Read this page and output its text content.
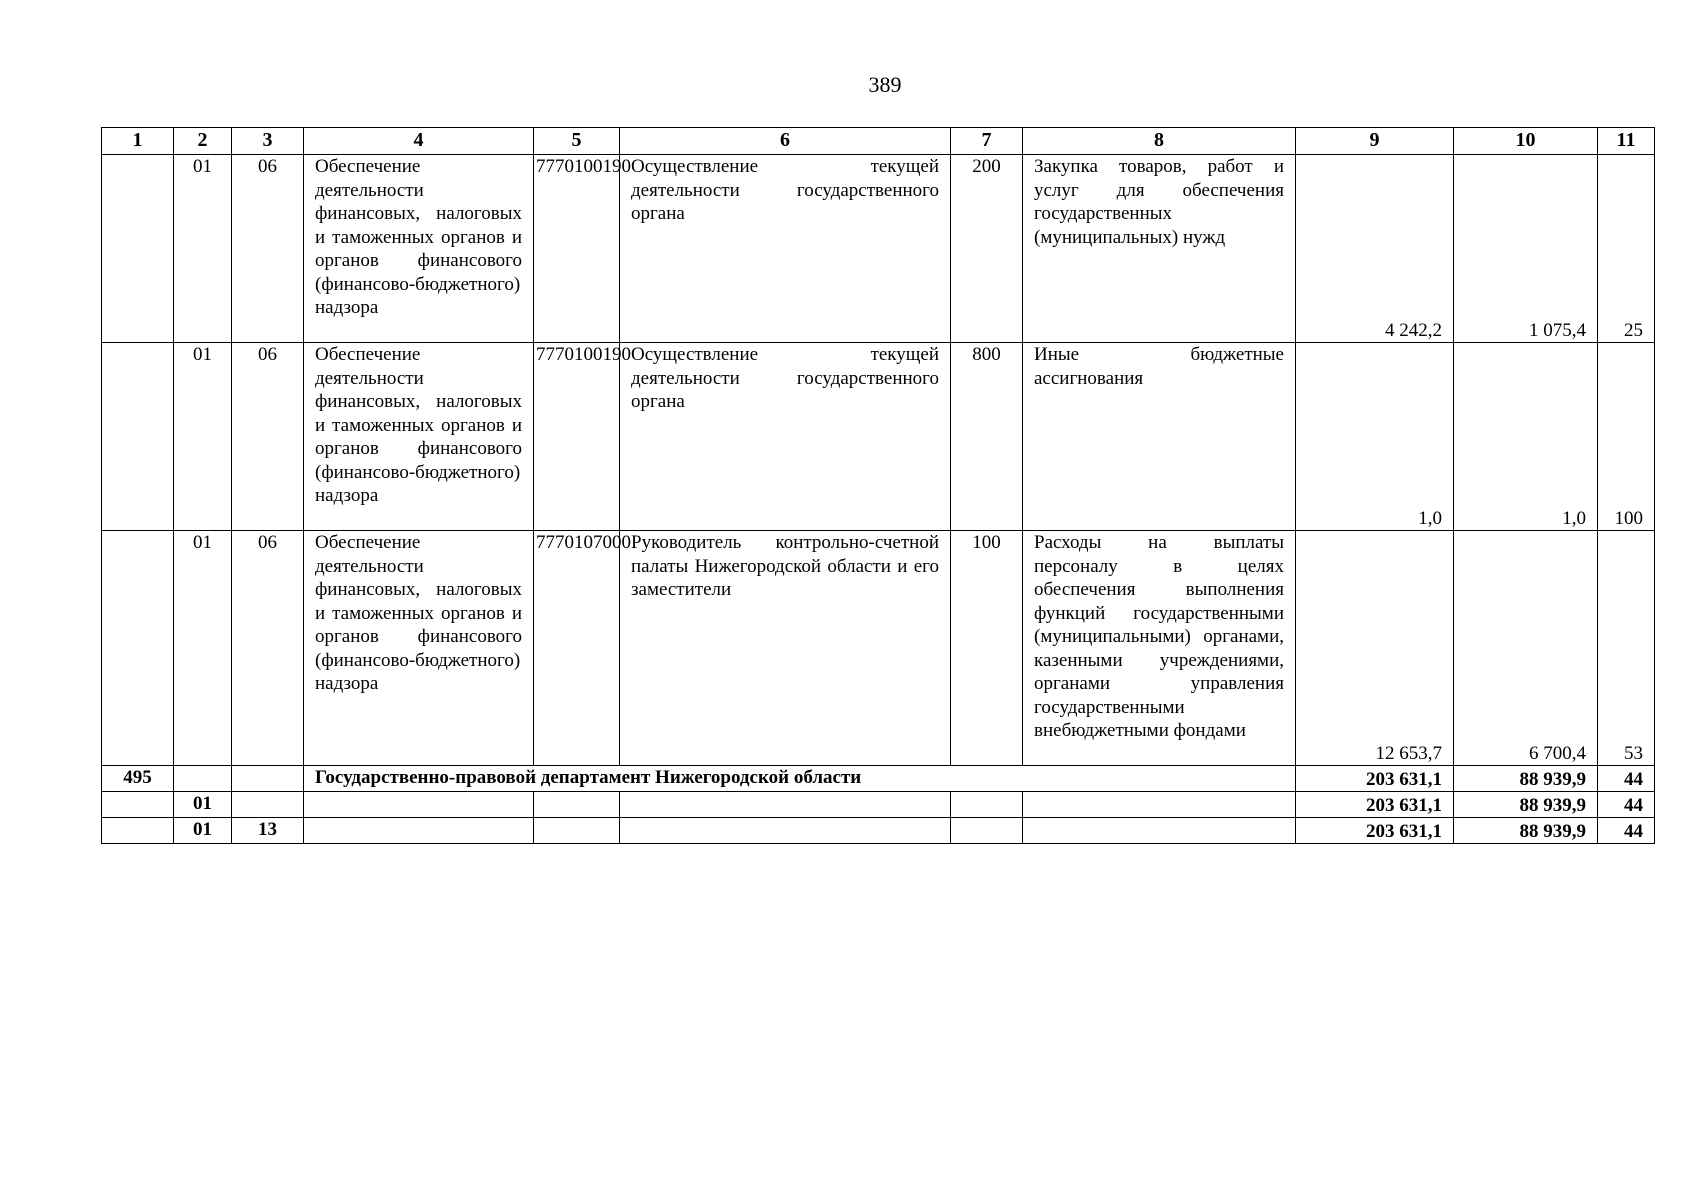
389
1	2	3	4	5	6	7	8	9	10	11
	01	06	Обеспечение деятельности финансовых, налоговых и таможенных органов и органов финансового (финансово-бюджетного) надзора	7770100190	Осуществление текущей деятельности государственного органа	200	Закупка товаров, работ и услуг для обеспечения государственных (муниципальных) нужд	4 242,2	1 075,4	25
	01	06	Обеспечение деятельности финансовых, налоговых и таможенных органов и органов финансового (финансово-бюджетного) надзора	7770100190	Осуществление текущей деятельности государственного органа	800	Иные бюджетные ассигнования	1,0	1,0	100
	01	06	Обеспечение деятельности финансовых, налоговых и таможенных органов и органов финансового (финансово-бюджетного) надзора	7770107000	Руководитель контрольно-счетной палаты Нижегородской области и его заместители	100	Расходы на выплаты персоналу в целях обеспечения выполнения функций государственными (муниципальными) органами, казенными учреждениями, органами управления государственными внебюджетными фондами	12 653,7	6 700,4	53
495			Государственно-правовой департамент Нижегородской области					203 631,1	88 939,9	44
	01							203 631,1	88 939,9	44
	01	13						203 631,1	88 939,9	44
